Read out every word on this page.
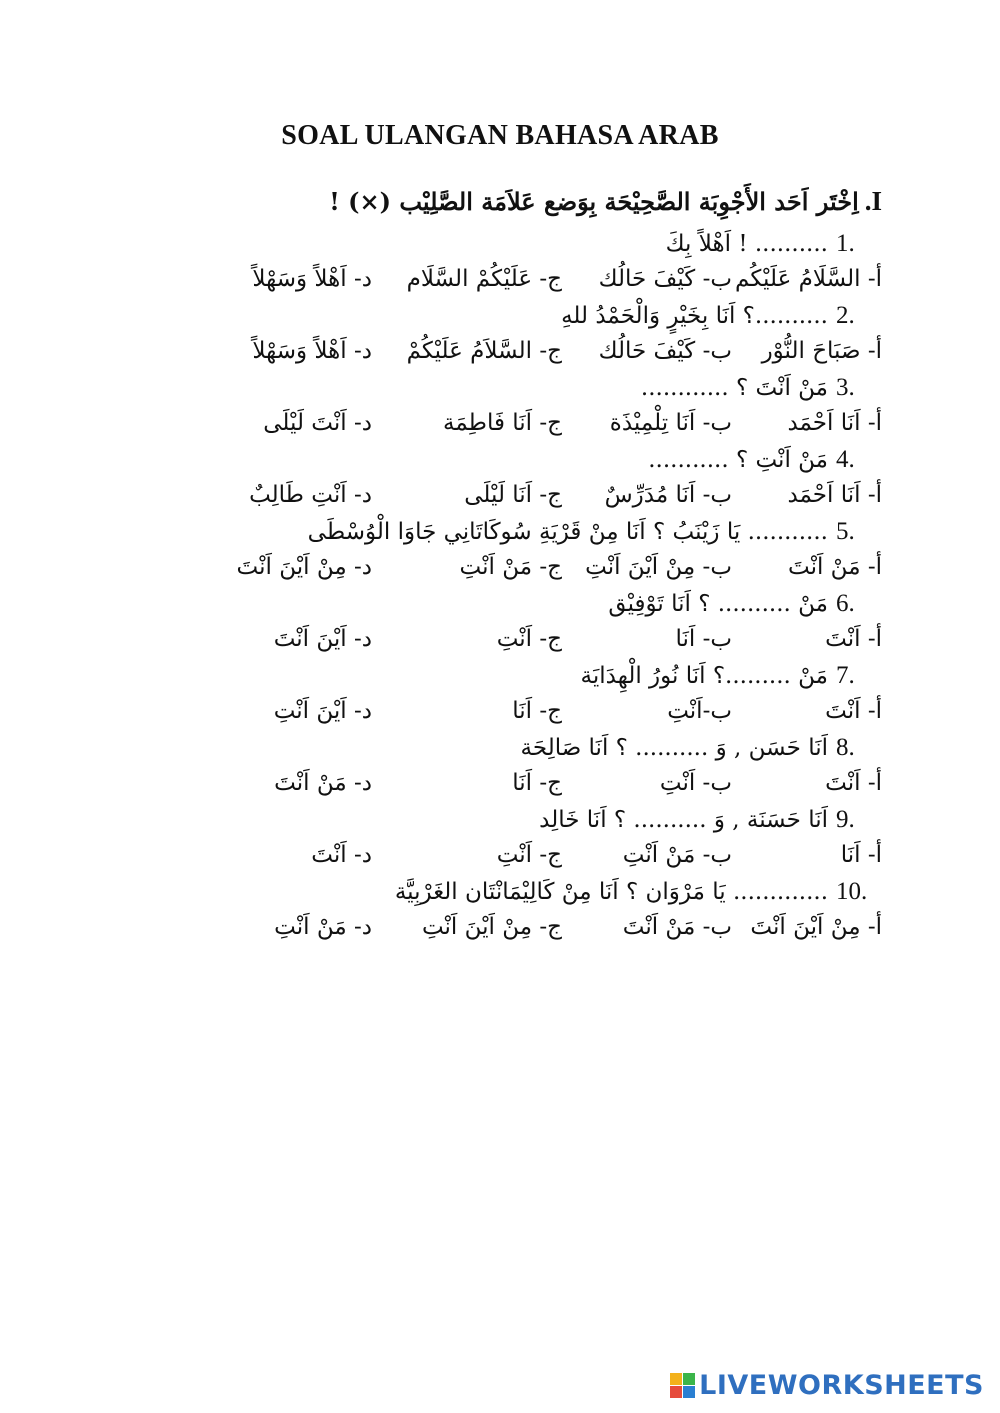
SOAL ULANGAN BAHASA ARAB
I.اِخْتَر اَحَد الأَجْوِبَة الصَّحِيْحَة بِوَضع عَلاَمَة الصَّلِيْب (×) !
1........... ! اَهْلاً بِكَ
أ- السَّلَامُ عَلَيْكُم
ب- كَيْفَ حَالُك
ج- عَلَيْكُمْ السَّلَام
د- اَهْلاً وَسَهْلاً
2...........؟ اَنَا بِخَيْرٍ وَالْحَمْدُ للهِ
أ- صَبَاحَ النُّوْر
ب- كَيْفَ حَالُك
ج- السَّلاَمُ عَلَيْكُمْ
د- اَهْلاً وَسَهْلاً
3.مَنْ اَنْتَ ؟ ............
أ- اَنَا اَحْمَد
ب- اَنَا تِلْمِيْذَة
ج- اَنَا فَاطِمَة
د- اَنْتَ لَيْلَى
4.مَنْ اَنْتِ ؟ ...........
أ- اَنَا اَحْمَد
ب- اَنَا مُدَرِّسٌ
ج- اَنَا لَيْلَى
د- اَنْتِ طَالِبٌ
5............ يَا زَيْنَبُ ؟ اَنَا مِنْ قَرْيَةِ سُوكَاتَانِي جَاوَا الْوُسْطَى
أ- مَنْ اَنْتَ
ب- مِنْ اَيْنَ اَنْتِ
ج- مَنْ اَنْتِ
د- مِنْ اَيْنَ اَنْتَ
6.مَنْ .......... ؟ اَنَا تَوْفِيْق
أ- اَنْتَ
ب- اَنَا
ج- اَنْتِ
د- اَيْنَ اَنْتَ
7.مَنْ .........؟ اَنَا نُورُ الْهِدَايَة
أ- اَنْتَ
ب-اَنْتِ
ج- اَنَا
د- اَيْنَ اَنْتِ
8.اَنَا حَسَن , وَ .......... ؟ اَنَا صَالِحَة
أ- اَنْتَ
ب- اَنْتِ
ج- اَنَا
د- مَنْ اَنْتَ
9.اَنَا حَسَنَة , وَ .......... ؟ اَنَا خَالِد
أ- اَنَا
ب- مَنْ اَنْتِ
ج- اَنْتِ
د- اَنْتَ
10.............. يَا مَرْوَان ؟ اَنَا مِنْ كَالِيْمَانْتَان الغَرْبِيَّة
أ- مِنْ اَيْنَ اَنْتَ
ب- مَنْ اَنْتَ
ج- مِنْ اَيْنَ اَنْتِ
د- مَنْ اَنْتِ
LIVEWORKSHEETS
